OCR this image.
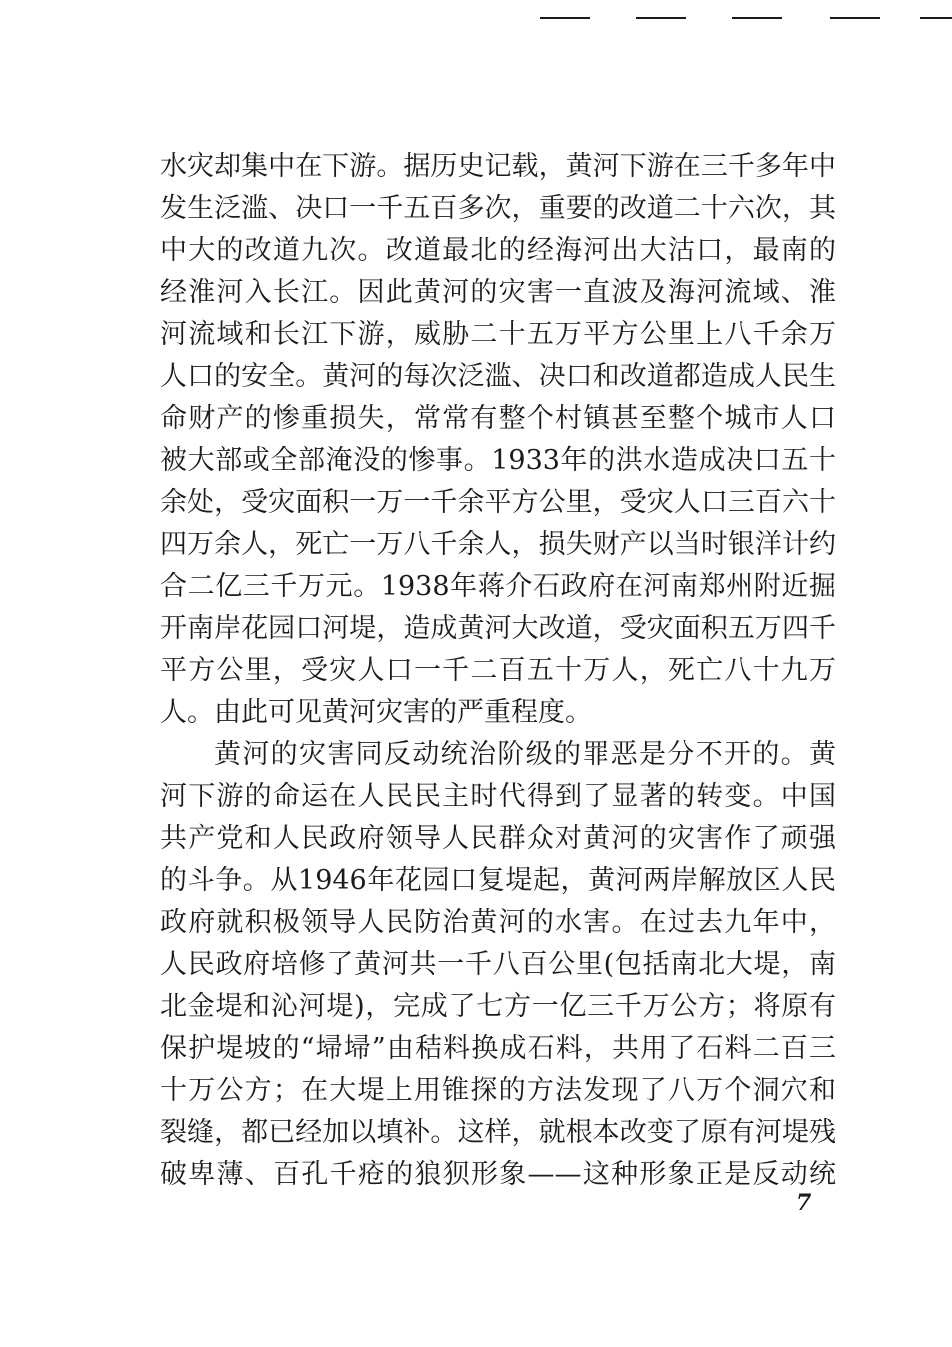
水灾却集中在下游。据历史记载，黄河下游在三千多年中
发生泛滥、决口一千五百多次，重要的改道二十六次，其
中大的改道九次。改道最北的经海河出大沽口，最南的
经淮河入长江。因此黄河的灾害一直波及海河流域、淮
河流域和长江下游，威胁二十五万平方公里上八千余万
人口的安全。黄河的每次泛滥、决口和改道都造成人民生
命财产的惨重损失，常常有整个村镇甚至整个城市人口
被大部或全部淹没的惨事。1933年的洪水造成决口五十
余处，受灾面积一万一千余平方公里，受灾人口三百六十
四万余人，死亡一万八千余人，损失财产以当时银洋计约
合二亿三千万元。1938年蒋介石政府在河南郑州附近掘
开南岸花园口河堤，造成黄河大改道，受灾面积五万四千
平方公里，受灾人口一千二百五十万人，死亡八十九万
人。由此可见黄河灾害的严重程度。
黄河的灾害同反动统治阶级的罪恶是分不开的。黄
河下游的命运在人民民主时代得到了显著的转变。中国
共产党和人民政府领导人民群众对黄河的灾害作了顽强
的斗争。从1946年花园口复堤起，黄河两岸解放区人民
政府就积极领导人民防治黄河的水害。在过去九年中，
人民政府培修了黄河共一千八百公里(包括南北大堤，南
北金堤和沁河堤)，完成了七方一亿三千万公方；将原有
保护堤坡的“埽埽”由秸料换成石料，共用了石料二百三
十万公方；在大堤上用锥探的方法发现了八万个洞穴和
裂缝，都已经加以填补。这样，就根本改变了原有河堤残
破卑薄、百孔千疮的狼狈形象——这种形象正是反动统
7
